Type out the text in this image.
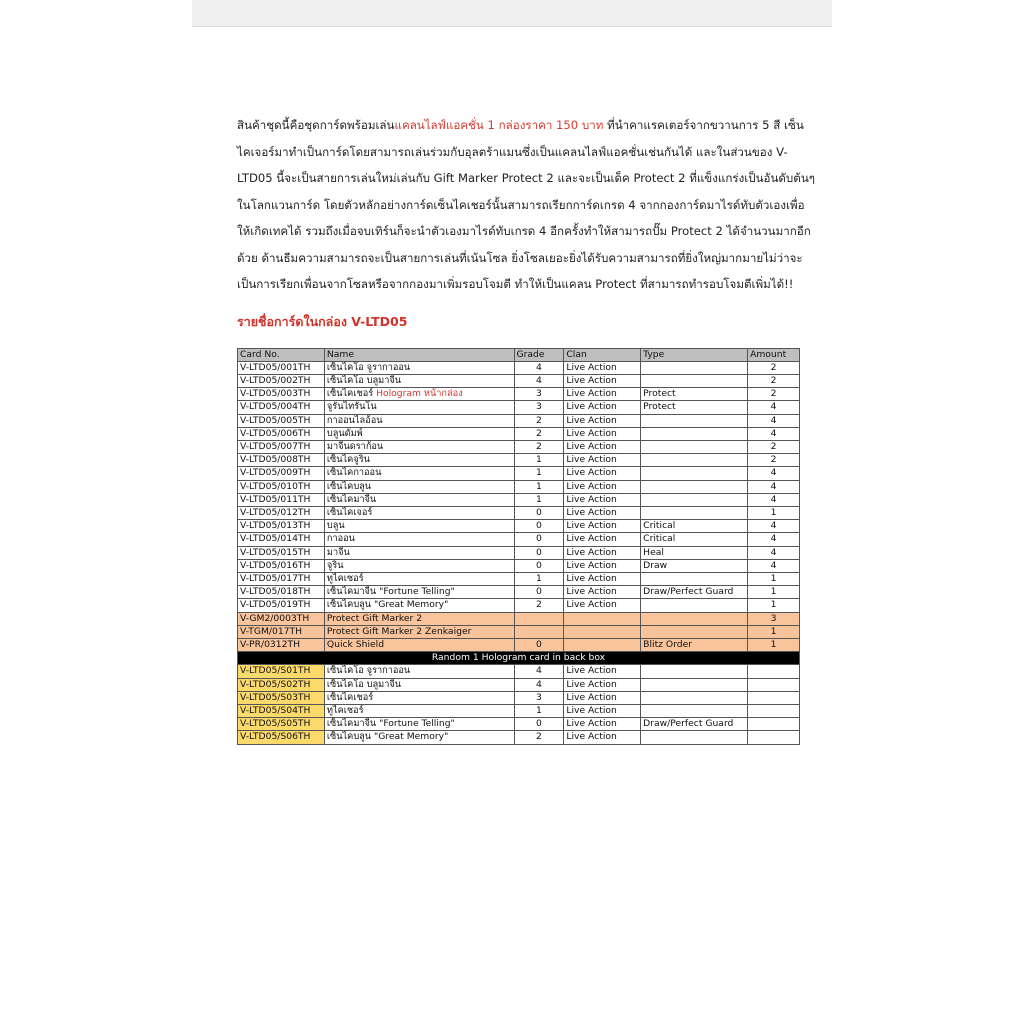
สินค้าชุดนี้คือชุดการ์ดพร้อมเล่นแคลนไลฟ์แอคชั่น 1 กล่องราคา 150 บาท ที่นำคาแรคเตอร์จากขวานการ 5 สี เซ็นไคเจอร์มาทำเป็นการ์ดโดยสามารถเล่นร่วมกับอุลตร้าแมนซึ่งเป็นแคลนไลฟ์แอคชั่นเช่นกันได้ และในส่วนของ V-LTD05 นี้จะเป็นสายการเล่นใหม่เล่นกับ Gift Marker Protect 2 และจะเป็นเด็ค Protect 2 ที่แข็งแกร่งเป็นอันดับต้นๆในโลกแวนการ์ด โดยตัวหลักอย่างการ์ดเซ็นไคเชอร์นั้นสามารถเรียกการ์ดเกรด 4 จากกองการ์ดมาไรด์ทับตัวเองเพื่อให้เกิดเทคได้ รวมถึงเมื่อจบเทิร์นก็จะนำตัวเองมาไรด์ทับเกรด 4 อีกครั้งทำให้สามารถปั๊ม Protect 2 ได้จำนวนมากอีกด้วย ด้านธีมความสามารถจะเป็นสายการเล่นที่เน้นโซล ยิ่งโซลเยอะยิ่งได้รับความสามารถที่ยิ่งใหญ่มากมายไม่ว่าจะเป็นการเรียกเพื่อนจากโซลหรือจากกองมาเพิ่มรอบโจมตี ทำให้เป็นแคลน Protect ที่สามารถทำรอบโจมตีเพิ่มได้!!

รายชื่อการ์ดในกล่อง V-LTD05
Card No.	Name	Grade	Clan	Type	Amount
V-LTD05/001TH	เซ็นไคโอ จูรากาออน	4	Live Action		2
V-LTD05/002TH	เซ็นไคโอ บลูมาจีน	4	Live Action		2
V-LTD05/003TH	เซ็นไคเชอร์ Hologram หน้ากล่อง	3	Live Action	Protect	2
V-LTD05/004TH	จูรันไทรันโน	3	Live Action	Protect	4
V-LTD05/005TH	กาออนไลอ้อน	2	Live Action		4
V-LTD05/006TH	บลูนดั้มพ์	2	Live Action		4
V-LTD05/007TH	มาจีนดราก้อน	2	Live Action		2
V-LTD05/008TH	เซ็นไคจูริน	1	Live Action		2
V-LTD05/009TH	เซ็นไคกาออน	1	Live Action		4
V-LTD05/010TH	เซ็นไคบลูน	1	Live Action		4
V-LTD05/011TH	เซ็นไคมาจีน	1	Live Action		4
V-LTD05/012TH	เซ็นไคเจอร์	0	Live Action		1
V-LTD05/013TH	บลูน	0	Live Action	Critical	4
V-LTD05/014TH	กาออน	0	Live Action	Critical	4
V-LTD05/015TH	มาจีน	0	Live Action	Heal	4
V-LTD05/016TH	จูริน	0	Live Action	Draw	4
V-LTD05/017TH	ทูไคเชอร์	1	Live Action		1
V-LTD05/018TH	เซ็นไคมาจีน "Fortune Telling"	0	Live Action	Draw/Perfect Guard	1
V-LTD05/019TH	เซ็นไคบลูน "Great Memory"	2	Live Action		1
V-GM2/0003TH	Protect Gift Marker 2				3
V-TGM/017TH	Protect Gift Marker 2 Zenkaiger				1
V-PR/0312TH	Quick Shield	0		Blitz Order	1
Random 1 Hologram card in back box					
V-LTD05/S01TH	เซ็นไคโอ จูรากาออน	4	Live Action		
V-LTD05/S02TH	เซ็นไคโอ บลูมาจีน	4	Live Action		
V-LTD05/S03TH	เซ็นไคเชอร์	3	Live Action		
V-LTD05/S04TH	ทูไคเชอร์	1	Live Action		
V-LTD05/S05TH	เซ็นไคมาจีน "Fortune Telling"	0	Live Action	Draw/Perfect Guard	
V-LTD05/S06TH	เซ็นไคบลูน "Great Memory"	2	Live Action		
